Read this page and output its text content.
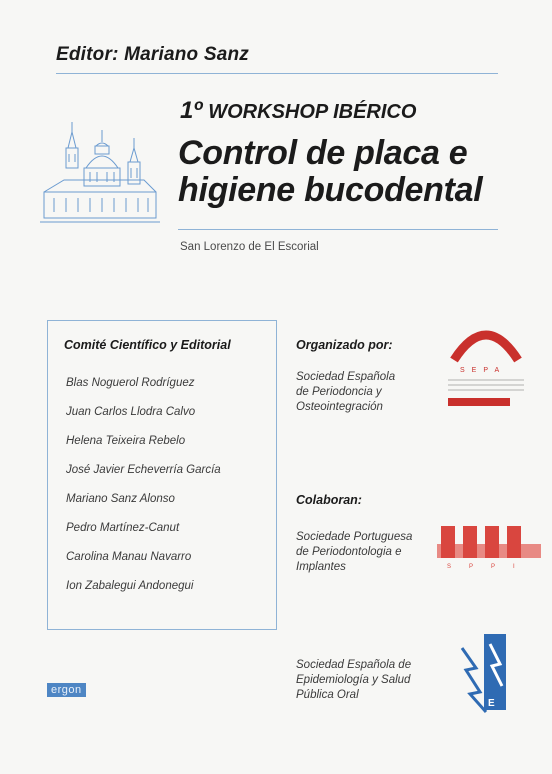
Editor: Mariano Sanz
1º WORKSHOP IBÉRICO
Control de placa e
higiene bucodental
San Lorenzo de El Escorial
Comité Científico y Editorial
Blas Noguerol Rodríguez
Juan Carlos Llodra Calvo
Helena Teixeira Rebelo
José Javier Echeverría García
Mariano Sanz Alonso
Pedro Martínez-Canut
Carolina Manau Navarro
Ion Zabalegui Andonegui
Organizado por:
Sociedad Española
de Periodoncia y
Osteointegración
Colaboran:
Sociedade Portuguesa
de Periodontologia e
Implantes
Sociedad Española de
Epidemiología y Salud
Pública Oral
SEPA
SPPI
E
ergon
